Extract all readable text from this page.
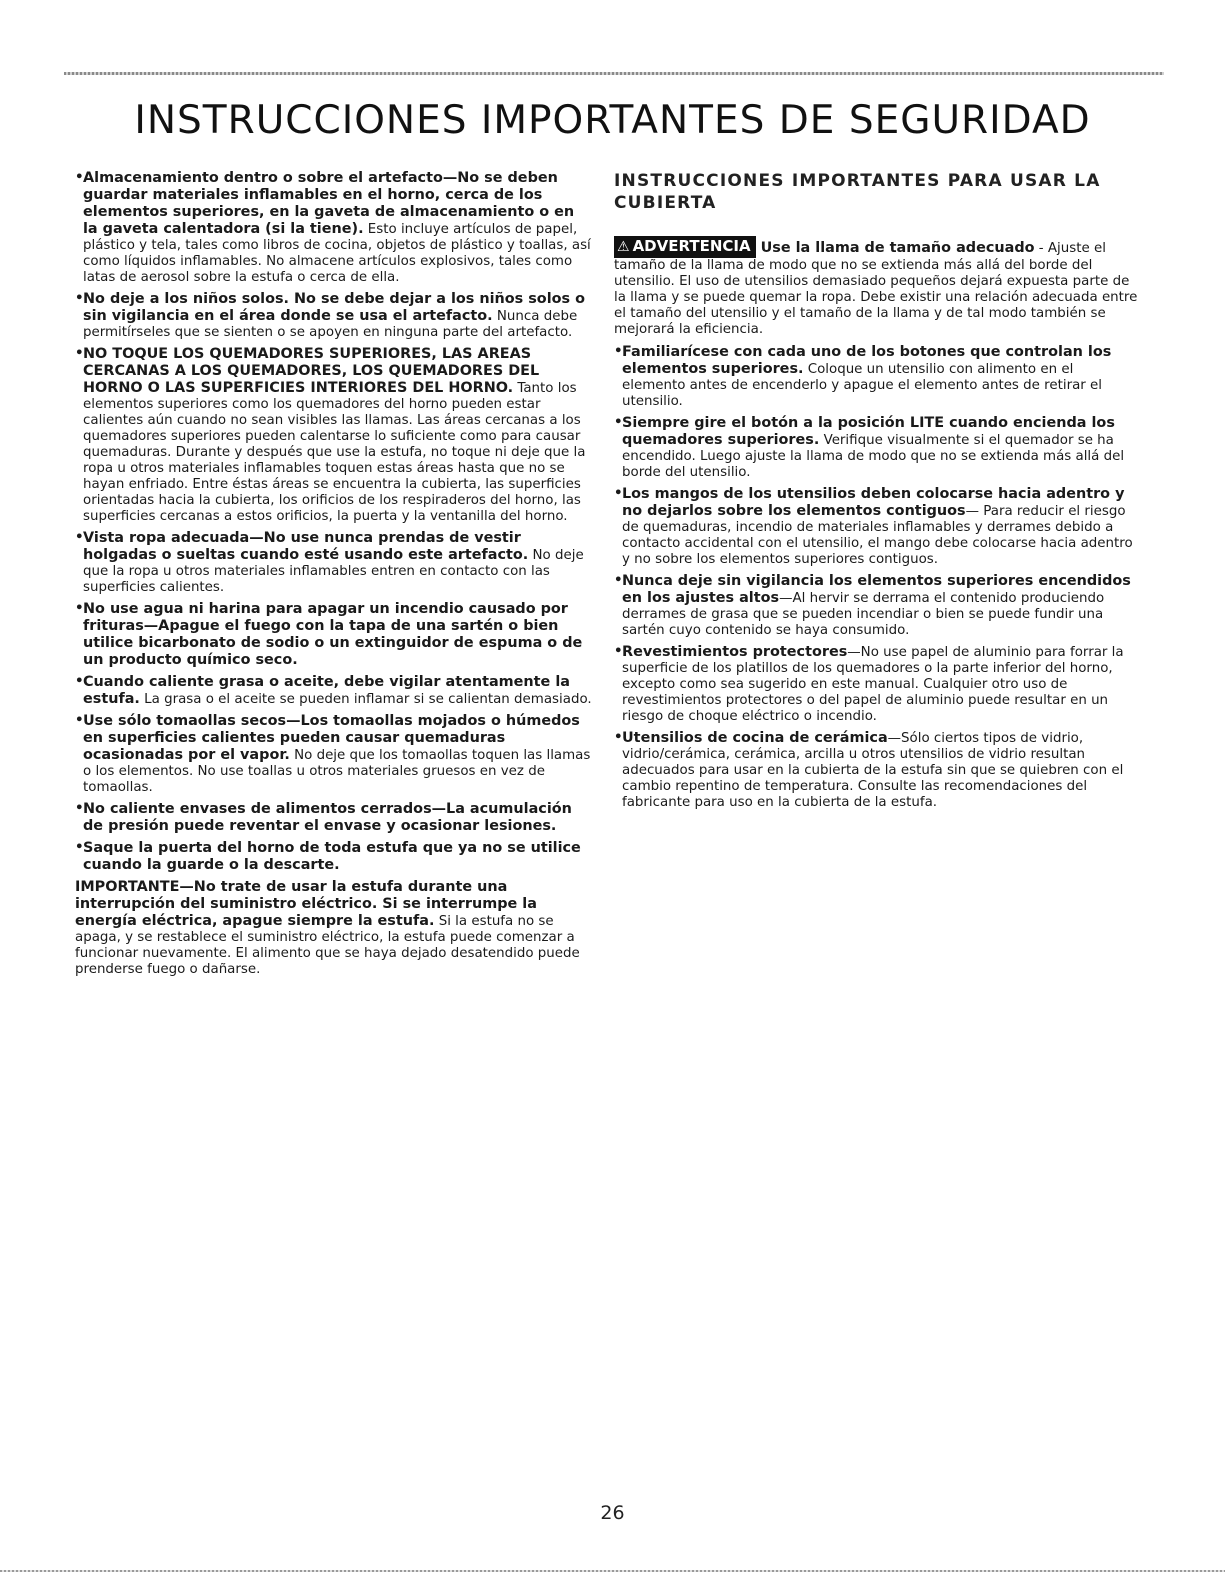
INSTRUCCIONES IMPORTANTES DE SEGURIDAD
• Almacenamiento dentro o sobre el artefacto—No se deben guardar materiales inflamables en el horno, cerca de los elementos superiores, en la gaveta de almacenamiento o en la gaveta calentadora (si la tiene). Esto incluye artículos de papel, plástico y tela, tales como libros de cocina, objetos de plástico y toallas, así como líquidos inflamables. No almacene artículos explosivos, tales como latas de aerosol sobre la estufa o cerca de ella.
• No deje a los niños solos. No se debe dejar a los niños solos o sin vigilancia en el área donde se usa el artefacto. Nunca debe permitírseles que se sienten o se apoyen en ninguna parte del artefacto.
• NO TOQUE LOS QUEMADORES SUPERIORES, LAS AREAS CERCANAS A LOS QUEMADORES, LOS QUEMADORES DEL HORNO O LAS SUPERFICIES INTERIORES DEL HORNO. Tanto los elementos superiores como los quemadores del horno pueden estar calientes aún cuando no sean visibles las llamas. Las áreas cercanas a los quemadores superiores pueden calentarse lo suficiente como para causar quemaduras. Durante y después que use la estufa, no toque ni deje que la ropa u otros materiales inflamables toquen estas áreas hasta que no se hayan enfriado. Entre éstas áreas se encuentra la cubierta, las superficies orientadas hacia la cubierta, los orificios de los respiraderos del horno, las superficies cercanas a estos orificios, la puerta y la ventanilla del horno.
• Vista ropa adecuada—No use nunca prendas de vestir holgadas o sueltas cuando esté usando este artefacto. No deje que la ropa u otros materiales inflamables entren en contacto con las superficies calientes.
• No use agua ni harina para apagar un incendio causado por frituras—Apague el fuego con la tapa de una sartén o bien utilice bicarbonato de sodio o un extinguidor de espuma o de un producto químico seco.
• Cuando caliente grasa o aceite, debe vigilar atentamente la estufa. La grasa o el aceite se pueden inflamar si se calientan demasiado.
• Use sólo tomaollas secos—Los tomaollas mojados o húmedos en superficies calientes pueden causar quemaduras ocasionadas por el vapor. No deje que los tomaollas toquen las llamas o los elementos. No use toallas u otros materiales gruesos en vez de tomaollas.
• No caliente envases de alimentos cerrados—La acumulación de presión puede reventar el envase y ocasionar lesiones.
• Saque la puerta del horno de toda estufa que ya no se utilice cuando la guarde o la descarte.

IMPORTANTE—No trate de usar la estufa durante una interrupción del suministro eléctrico. Si se interrumpe la energía eléctrica, apague siempre la estufa. Si la estufa no se apaga, y se restablece el suministro eléctrico, la estufa puede comenzar a funcionar nuevamente. El alimento que se haya dejado desatendido puede prenderse fuego o dañarse.

INSTRUCCIONES IMPORTANTES PARA USAR LA CUBIERTA

⚠ ADVERTENCIA Use la llama de tamaño adecuado - Ajuste el tamaño de la llama de modo que no se extienda más allá del borde del utensilio. El uso de utensilios demasiado pequeños dejará expuesta parte de la llama y se puede quemar la ropa. Debe existir una relación adecuada entre el tamaño del utensilio y el tamaño de la llama y de tal modo también se mejorará la eficiencia.

• Familiarícese con cada uno de los botones que controlan los elementos superiores. Coloque un utensilio con alimento en el elemento antes de encenderlo y apague el elemento antes de retirar el utensilio.
• Siempre gire el botón a la posición LITE cuando encienda los quemadores superiores. Verifique visualmente si el quemador se ha encendido. Luego ajuste la llama de modo que no se extienda más allá del borde del utensilio.
• Los mangos de los utensilios deben colocarse hacia adentro y no dejarlos sobre los elementos contiguos— Para reducir el riesgo de quemaduras, incendio de materiales inflamables y derrames debido a contacto accidental con el utensilio, el mango debe colocarse hacia adentro y no sobre los elementos superiores contiguos.
• Nunca deje sin vigilancia los elementos superiores encendidos en los ajustes altos—Al hervir se derrama el contenido produciendo derrames de grasa que se pueden incendiar o bien se puede fundir una sartén cuyo contenido se haya consumido.
• Revestimientos protectores—No use papel de aluminio para forrar la superficie de los platillos de los quemadores o la parte inferior del horno, excepto como sea sugerido en este manual. Cualquier otro uso de revestimientos protectores o del papel de aluminio puede resultar en un riesgo de choque eléctrico o incendio.
• Utensilios de cocina de cerámica—Sólo ciertos tipos de vidrio, vidrio/cerámica, cerámica, arcilla u otros utensilios de vidrio resultan adecuados para usar en la cubierta de la estufa sin que se quiebren con el cambio repentino de temperatura. Consulte las recomendaciones del fabricante para uso en la cubierta de la estufa.
26
